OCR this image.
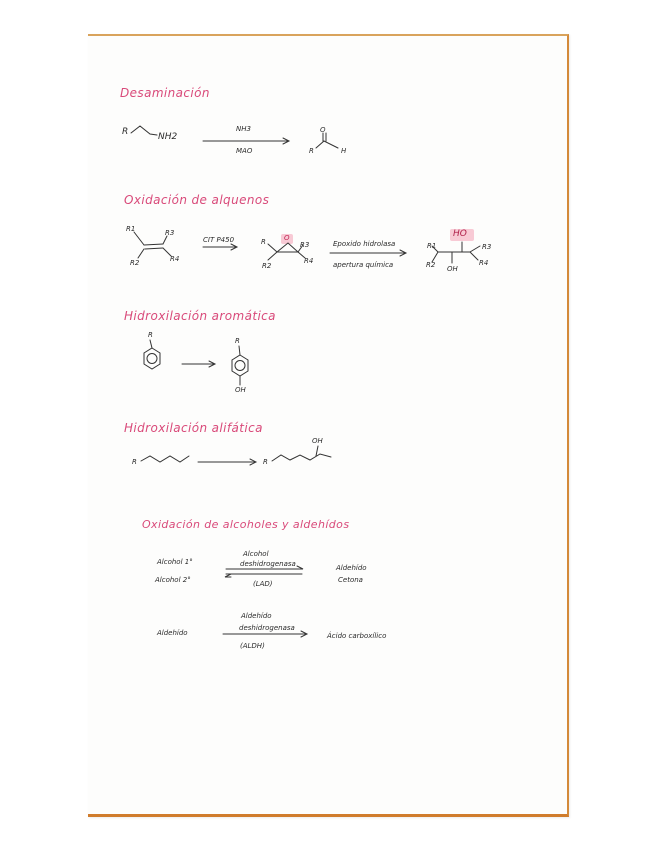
Desaminación
R	NH2
NH3
MAO
O
R	H
Oxidación de alquenos
R1	R3
R2	R4
CIT P450	O
R
R2
R3
R4
Epoxido hidrolasa
apertura química
HO
R1
R2 OH
R3
R4
Hidroxilación aromática
R
R
OH
Hidroxilación alifática
R	R
OH
Oxidación de alcoholes y aldehídos
Alcohol 1°
Alcohol 2°
Alcohol
deshidrogenasa
(LAD)
Aldehído
Cetona
Aldehído
Aldehído
deshidrogenasa
(ALDH)
Ácido carboxílico
